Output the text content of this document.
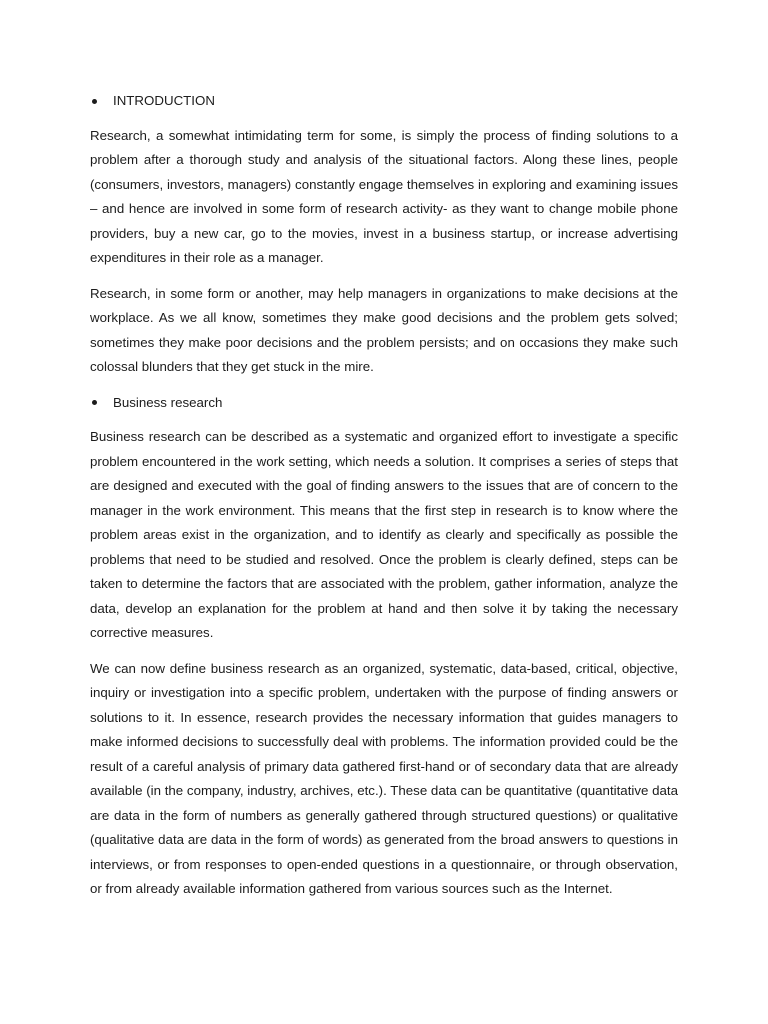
INTRODUCTION

Research, a somewhat intimidating term for some, is simply the process of finding solutions to a problem after a thorough study and analysis of the situational factors. Along these lines, people (consumers, investors, managers) constantly engage themselves in exploring and examining issues – and hence are involved in some form of research activity- as they want to change mobile phone providers, buy a new car, go to the movies, invest in a business startup, or increase advertising expenditures in their role as a manager.

Research, in some form or another, may help managers in organizations to make decisions at the workplace. As we all know, sometimes they make good decisions and the problem gets solved; sometimes they make poor decisions and the problem persists; and on occasions they make such colossal blunders that they get stuck in the mire.

Business research

Business research can be described as a systematic and organized effort to investigate a specific problem encountered in the work setting, which needs a solution. It comprises a series of steps that are designed and executed with the goal of finding answers to the issues that are of concern to the manager in the work environment. This means that the first step in research is to know where the problem areas exist in the organization, and to identify as clearly and specifically as possible the problems that need to be studied and resolved. Once the problem is clearly defined, steps can be taken to determine the factors that are associated with the problem, gather information, analyze the data, develop an explanation for the problem at hand and then solve it by taking the necessary corrective measures.

We can now define business research as an organized, systematic, data-based, critical, objective, inquiry or investigation into a specific problem, undertaken with the purpose of finding answers or solutions to it. In essence, research provides the necessary information that guides managers to make informed decisions to successfully deal with problems. The information provided could be the result of a careful analysis of primary data gathered first-hand or of secondary data that are already available (in the company, industry, archives, etc.). These data can be quantitative (quantitative data are data in the form of numbers as generally gathered through structured questions) or qualitative (qualitative data are data in the form of words) as generated from the broad answers to questions in interviews, or from responses to open-ended questions in a questionnaire, or through observation, or from already available information gathered from various sources such as the Internet.
